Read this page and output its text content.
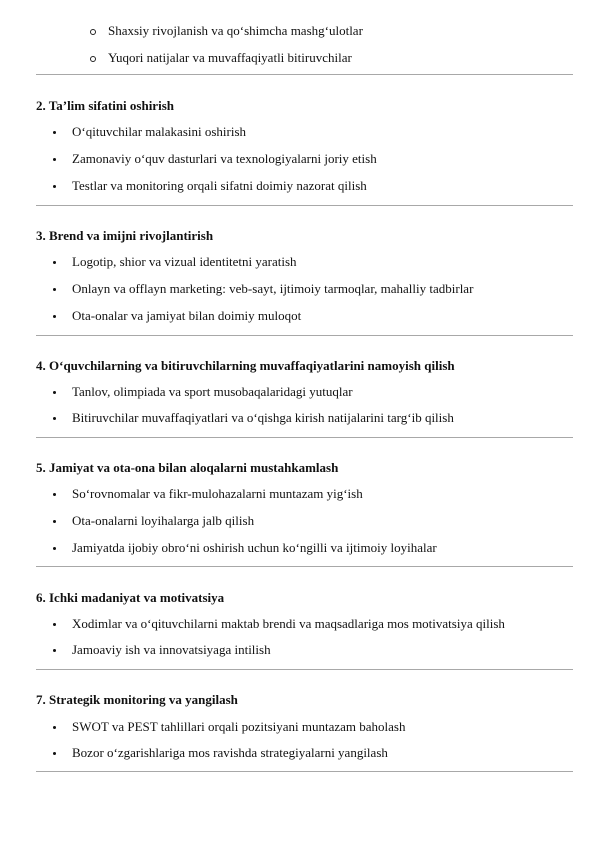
Shaxsiy rivojlanish va qo‘shimcha mashg‘ulotlar
Yuqori natijalar va muvaffaqiyatli bitiruvchilar
2. Ta’lim sifatini oshirish
O‘qituvchilar malakasini oshirish
Zamonaviy o‘quv dasturlari va texnologiyalarni joriy etish
Testlar va monitoring orqali sifatni doimiy nazorat qilish
3. Brend va imijni rivojlantirish
Logotip, shior va vizual identitetni yaratish
Onlayn va offlayn marketing: veb-sayt, ijtimoiy tarmoqlar, mahalliy tadbirlar
Ota-onalar va jamiyat bilan doimiy muloqot
4. O‘quvchilarning va bitiruvchilarning muvaffaqiyatlarini namoyish qilish
Tanlov, olimpiada va sport musobaqalaridagi yutuqlar
Bitiruvchilar muvaffaqiyatlari va o‘qishga kirish natijalarini targ‘ib qilish
5. Jamiyat va ota-ona bilan aloqalarni mustahkamlash
So‘rovnomalar va fikr-mulohazalarni muntazam yig‘ish
Ota-onalarni loyihalarga jalb qilish
Jamiyatda ijobiy obro‘ni oshirish uchun ko‘ngilli va ijtimoiy loyihalar
6. Ichki madaniyat va motivatsiya
Xodimlar va o‘qituvchilarni maktab brendi va maqsadlariga mos motivatsiya qilish
Jamoaviy ish va innovatsiyaga intilish
7. Strategik monitoring va yangilash
SWOT va PEST tahlillari orqali pozitsiyani muntazam baholash
Bozor o‘zgarishlariga mos ravishda strategiyalarni yangilash
